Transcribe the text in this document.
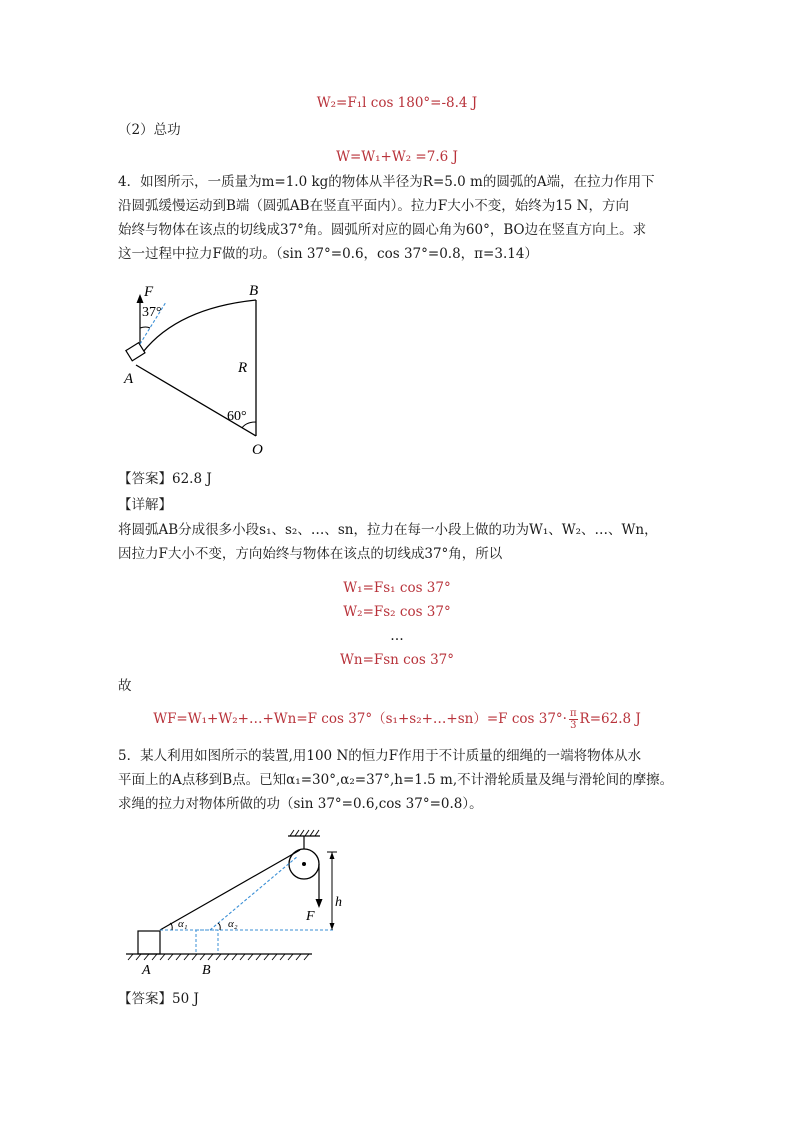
W₂=F₁l cos 180°=-8.4 J
（2）总功
W=W₁+W₂ =7.6 J
4．如图所示，一质量为m=1.0 kg的物体从半径为R=5.0 m的圆弧的A端，在拉力作用下
沿圆弧缓慢运动到B端（圆弧AB在竖直平面内）。拉力F大小不变，始终为15 N，方向
始终与物体在该点的切线成37°角。圆弧所对应的圆心角为60°，BO边在竖直方向上。求
这一过程中拉力F做的功。（sin 37°=0.6，cos 37°=0.8，π=3.14）
F	B
37°
R
A
60°
O
【答案】62.8 J
【详解】
将圆弧AB分成很多小段s₁、s₂、…、sn，拉力在每一小段上做的功为W₁、W₂、…、Wn，
因拉力F大小不变，方向始终与物体在该点的切线成37°角，所以
W₁=Fs₁ cos 37°
W₂=Fs₂ cos 37°
…
Wn=Fsn cos 37°
故
WF=W₁+W₂+…+Wn=F cos 37°（s₁+s₂+…+sn）=F $\cos 37^\circ\cdot \frac{\pi}{3} R=62.8$ J
5．某人利用如图所示的装置,用100 N的恒力F作用于不计质量的细绳的一端将物体从水
平面上的A点移到B点。已知α₁=30°,α₂=37°,h=1.5 m,不计滑轮质量及绳与滑轮间的摩擦。
求绳的拉力对物体所做的功（sin 37°=0.6,cos 37°=0.8）。
α₁	α₂	F
h
A	B
【答案】50 J
